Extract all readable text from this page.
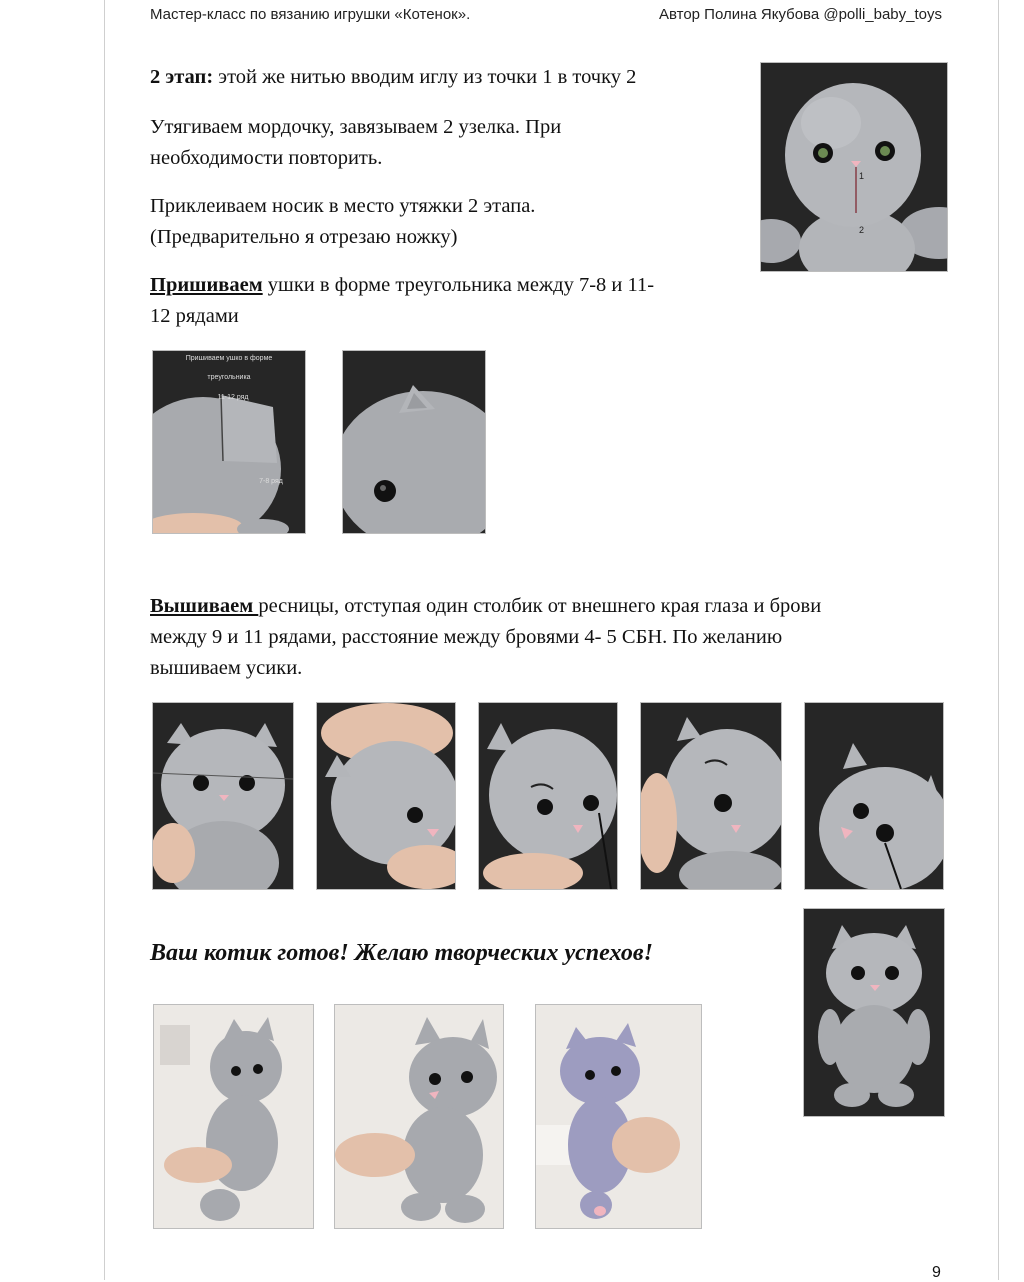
Мастер-класс по вязанию игрушки «Котенок».	Автор Полина Якубова @polli_baby_toys
2 этап: этой же нитью вводим иглу из точки 1 в точку 2
Утягиваем мордочку, завязываем 2 узелка. При
необходимости повторить.
Приклеиваем носик в место утяжки 2 этапа.
(Предварительно я отрезаю ножку)
Пришиваем ушки в форме треугольника между 7-8 и 11-
12 рядами
1
2
Пришиваем ушко в форме
треугольника
11-12 ряд
7-8 ряд
Вышиваем ресницы, отступая один столбик от внешнего края глаза и брови
между 9 и 11 рядами, расстояние между бровями 4- 5 СБН. По желанию
вышиваем усики.
Ваш котик готов! Желаю творческих успехов!
9
